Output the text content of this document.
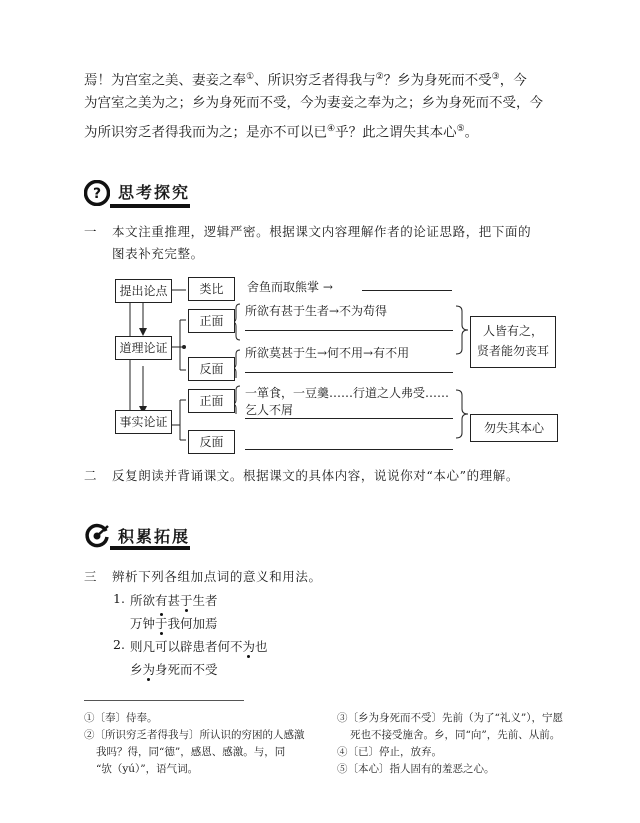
焉！为宫室之美、妻妾之奉①、所识穷乏者得我与②？乡为身死而不受③，今
为宫室之美为之；乡为身死而不受，今为妻妾之奉为之；乡为身死而不受，今
为所识穷乏者得我而为之；是亦不可以已④乎？此之谓失其本心⑤。
? 思考探究
一 本文注重推理，逻辑严密。根据课文内容理解作者的论证思路，把下面的
图表补充完整。
提出论点	类比	舍鱼而取熊掌 →
道理论证
正面
所欲有甚于生者→不为苟得
反面
所欲莫甚于生→何不用→有不用
人皆有之，
贤者能勿丧耳
事实论证
正面
一箪食，一豆羹……行道之人弗受……
乞人不屑
反面
勿失其本心
二 反复朗读并背诵课文。根据课文的具体内容，说说你对“本心”的理解。
积累拓展
三 辨析下列各组加点词的意义和用法。
1. 所欲有甚于生者
万钟于我何加焉
2. 则凡可以辟患者何不为也
乡为身死而不受
①〔奉〕侍奉。
②〔所识穷乏者得我与〕所认识的穷困的人感激
我吗？得，同“德”，感恩、感激。与，同
“欤（yú）”，语气词。
③〔乡为身死而不受〕先前（为了“礼义”），宁愿
死也不接受施舍。乡，同“向”，先前、从前。
④〔已〕停止，放弃。
⑤〔本心〕指人固有的羞恶之心。
